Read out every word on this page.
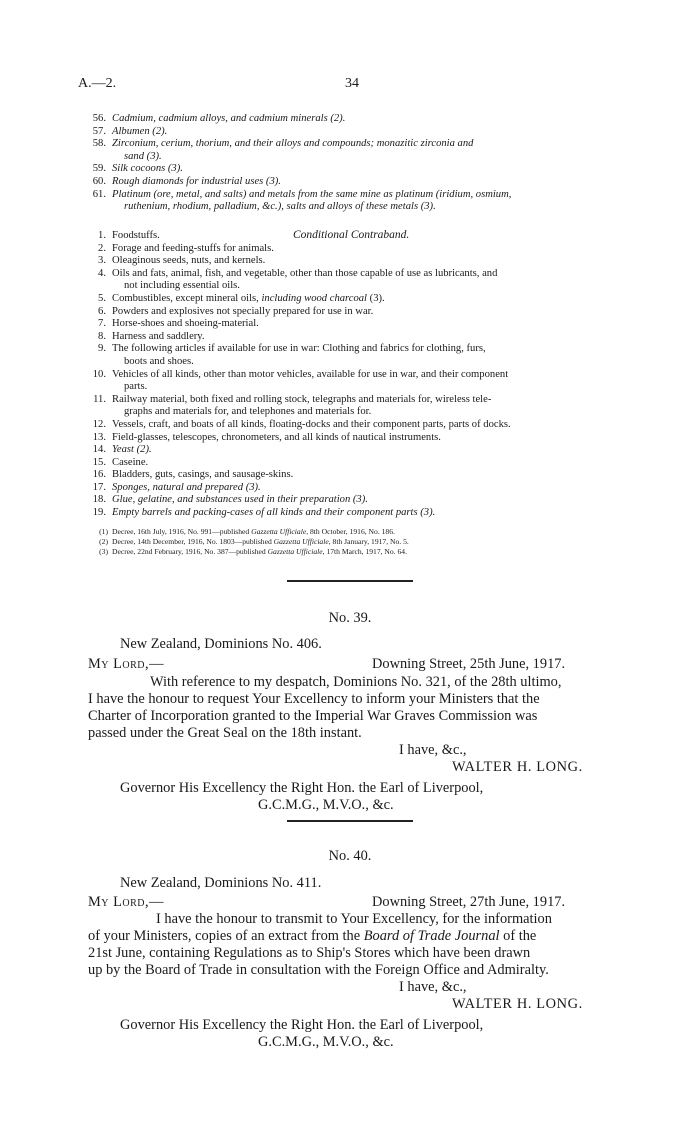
A.—2.	34
56. Cadmium, cadmium alloys, and cadmium minerals (2).
57. Albumen (2).
58. Zirconium, cerium, thorium, and their alloys and compounds; monazitic zirconia and
sand (3).
59. Silk cocoons (3).
60. Rough diamonds for industrial uses (3).
61. Platinum (ore, metal, and salts) and metals from the same mine as platinum (iridium, osmium,
ruthenium, rhodium, palladium, &c.), salts and alloys of these metals (3).
Conditional Contraband.
1. Foodstuffs.
2. Forage and feeding-stuffs for animals.
3. Oleaginous seeds, nuts, and kernels.
4. Oils and fats, animal, fish, and vegetable, other than those capable of use as lubricants, and
not including essential oils.
5. Combustibles, except mineral oils, including wood charcoal (3).
6. Powders and explosives not specially prepared for use in war.
7. Horse-shoes and shoeing-material.
8. Harness and saddlery.
9. The following articles if available for use in war: Clothing and fabrics for clothing, furs,
boots and shoes.
10. Vehicles of all kinds, other than motor vehicles, available for use in war, and their component
parts.
11. Railway material, both fixed and rolling stock, telegraphs and materials for, wireless tele-
graphs and materials for, and telephones and materials for.
12. Vessels, craft, and boats of all kinds, floating-docks and their component parts, parts of docks.
13. Field-glasses, telescopes, chronometers, and all kinds of nautical instruments.
14. Yeast (2).
15. Caseine.
16. Bladders, guts, casings, and sausage-skins.
17. Sponges, natural and prepared (3).
18. Glue, gelatine, and substances used in their preparation (3).
19. Empty barrels and packing-cases of all kinds and their component parts (3).
(1) Decree, 16th July, 1916, No. 991—published Gazzetta Ufficiale, 8th October, 1916, No. 186.
(2) Decree, 14th December, 1916, No. 1803—published Gazzetta Ufficiale, 8th January, 1917, No. 5.
(3) Decree, 22nd February, 1916, No. 387—published Gazzetta Ufficiale, 17th March, 1917, No. 64.
No. 39.
New Zealand, Dominions No. 406.
My Lord,—	Downing Street, 25th June, 1917.
With reference to my despatch, Dominions No. 321, of the 28th ultimo,
I have the honour to request Your Excellency to inform your Ministers that the
Charter of Incorporation granted to the Imperial War Graves Commission was
passed under the Great Seal on the 18th instant.
I have, &c.,
WALTER H. LONG.
Governor His Excellency the Right Hon. the Earl of Liverpool,
G.C.M.G., M.V.O., &c.
No. 40.
New Zealand, Dominions No. 411.
My Lord,—	Downing Street, 27th June, 1917.
I have the honour to transmit to Your Excellency, for the information
of your Ministers, copies of an extract from the Board of Trade Journal of the
21st June, containing Regulations as to Ship's Stores which have been drawn
up by the Board of Trade in consultation with the Foreign Office and Admiralty.
I have, &c.,
WALTER H. LONG.
Governor His Excellency the Right Hon. the Earl of Liverpool,
G.C.M.G., M.V.O., &c.
